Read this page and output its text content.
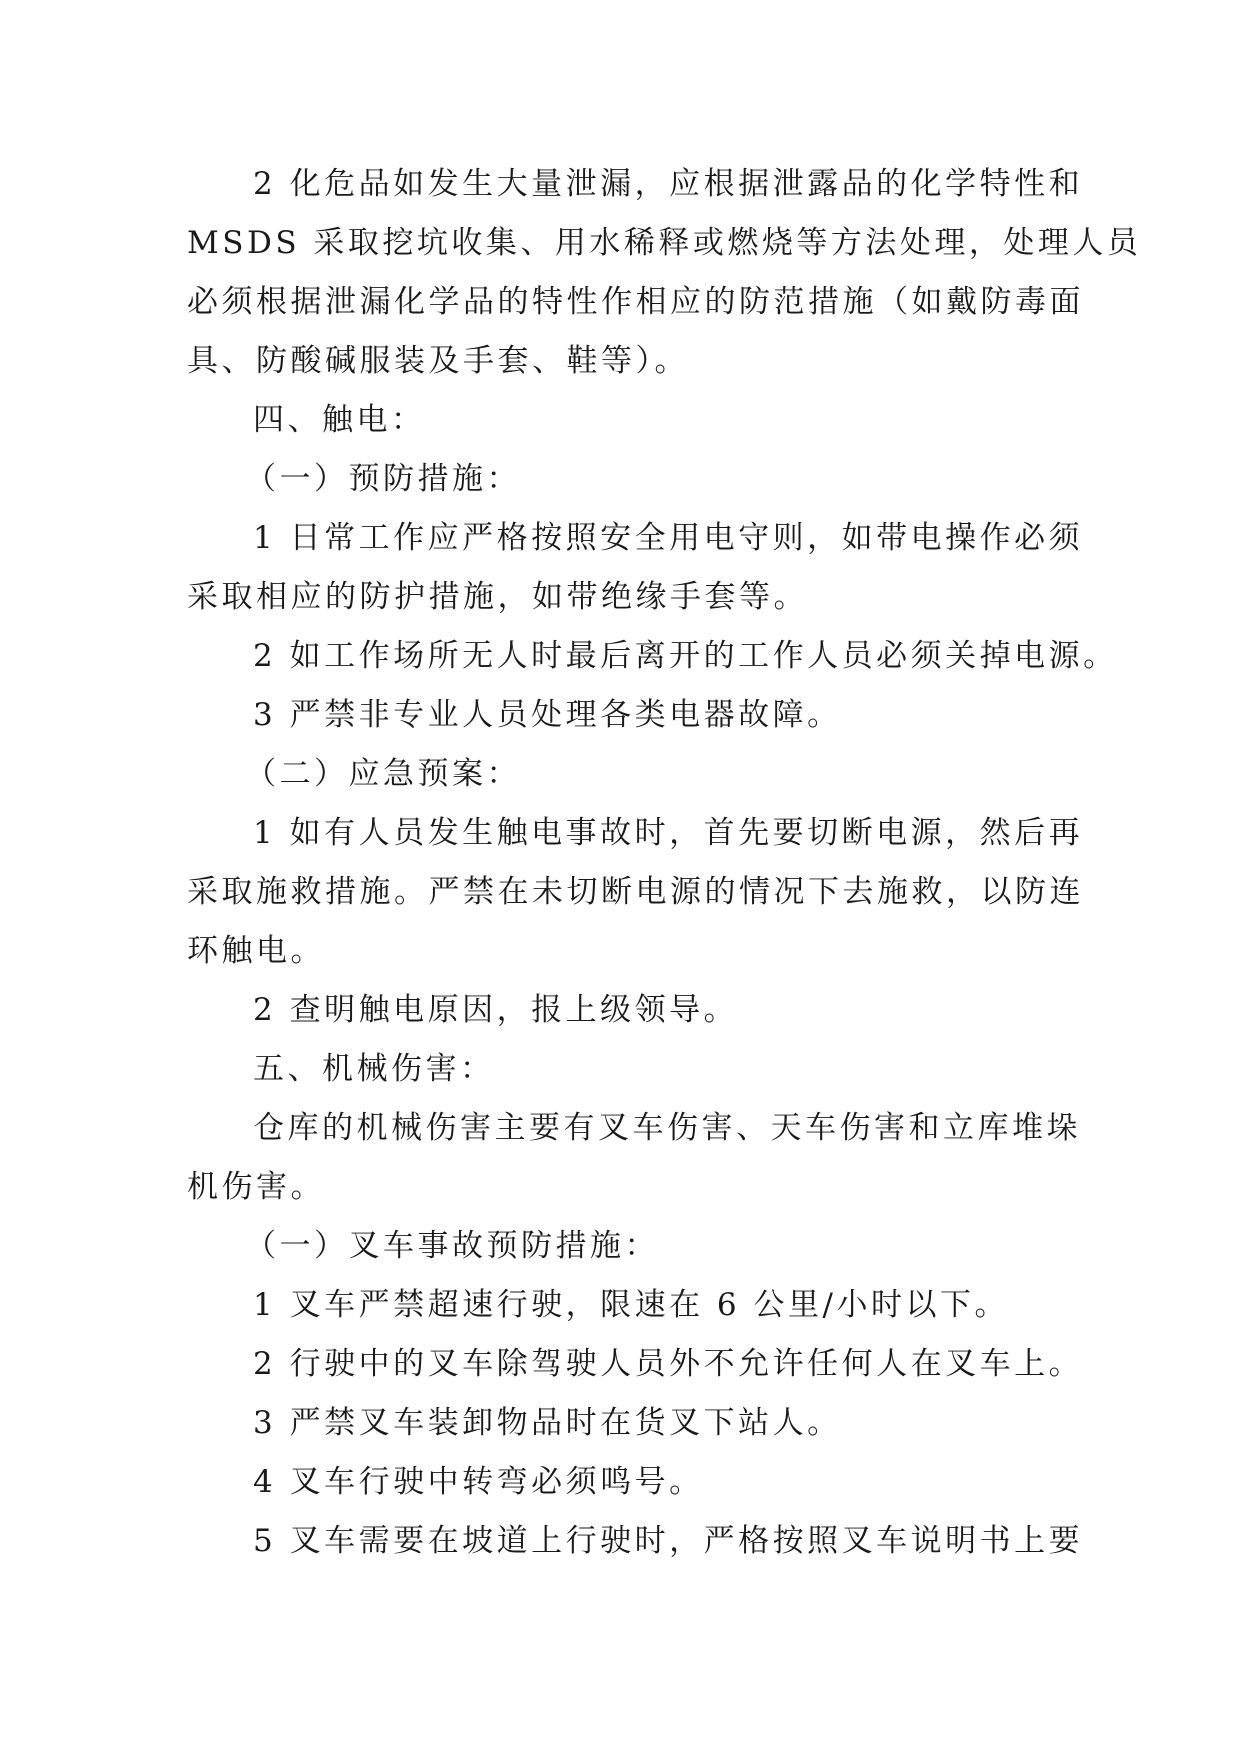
2 化危品如发生大量泄漏，应根据泄露品的化学特性和
MSDS 采取挖坑收集、用水稀释或燃烧等方法处理，处理人员
必须根据泄漏化学品的特性作相应的防范措施（如戴防毒面
具、防酸碱服装及手套、鞋等）。
四、触电：
（一）预防措施：
1 日常工作应严格按照安全用电守则，如带电操作必须
采取相应的防护措施，如带绝缘手套等。
2 如工作场所无人时最后离开的工作人员必须关掉电源。
3 严禁非专业人员处理各类电器故障。
（二）应急预案：
1 如有人员发生触电事故时，首先要切断电源，然后再
采取施救措施。严禁在未切断电源的情况下去施救，以防连
环触电。
2 查明触电原因，报上级领导。
五、机械伤害：
仓库的机械伤害主要有叉车伤害、天车伤害和立库堆垛
机伤害。
（一）叉车事故预防措施：
1 叉车严禁超速行驶，限速在 6 公里/小时以下。
2 行驶中的叉车除驾驶人员外不允许任何人在叉车上。
3 严禁叉车装卸物品时在货叉下站人。
4 叉车行驶中转弯必须鸣号。
5 叉车需要在坡道上行驶时，严格按照叉车说明书上要
